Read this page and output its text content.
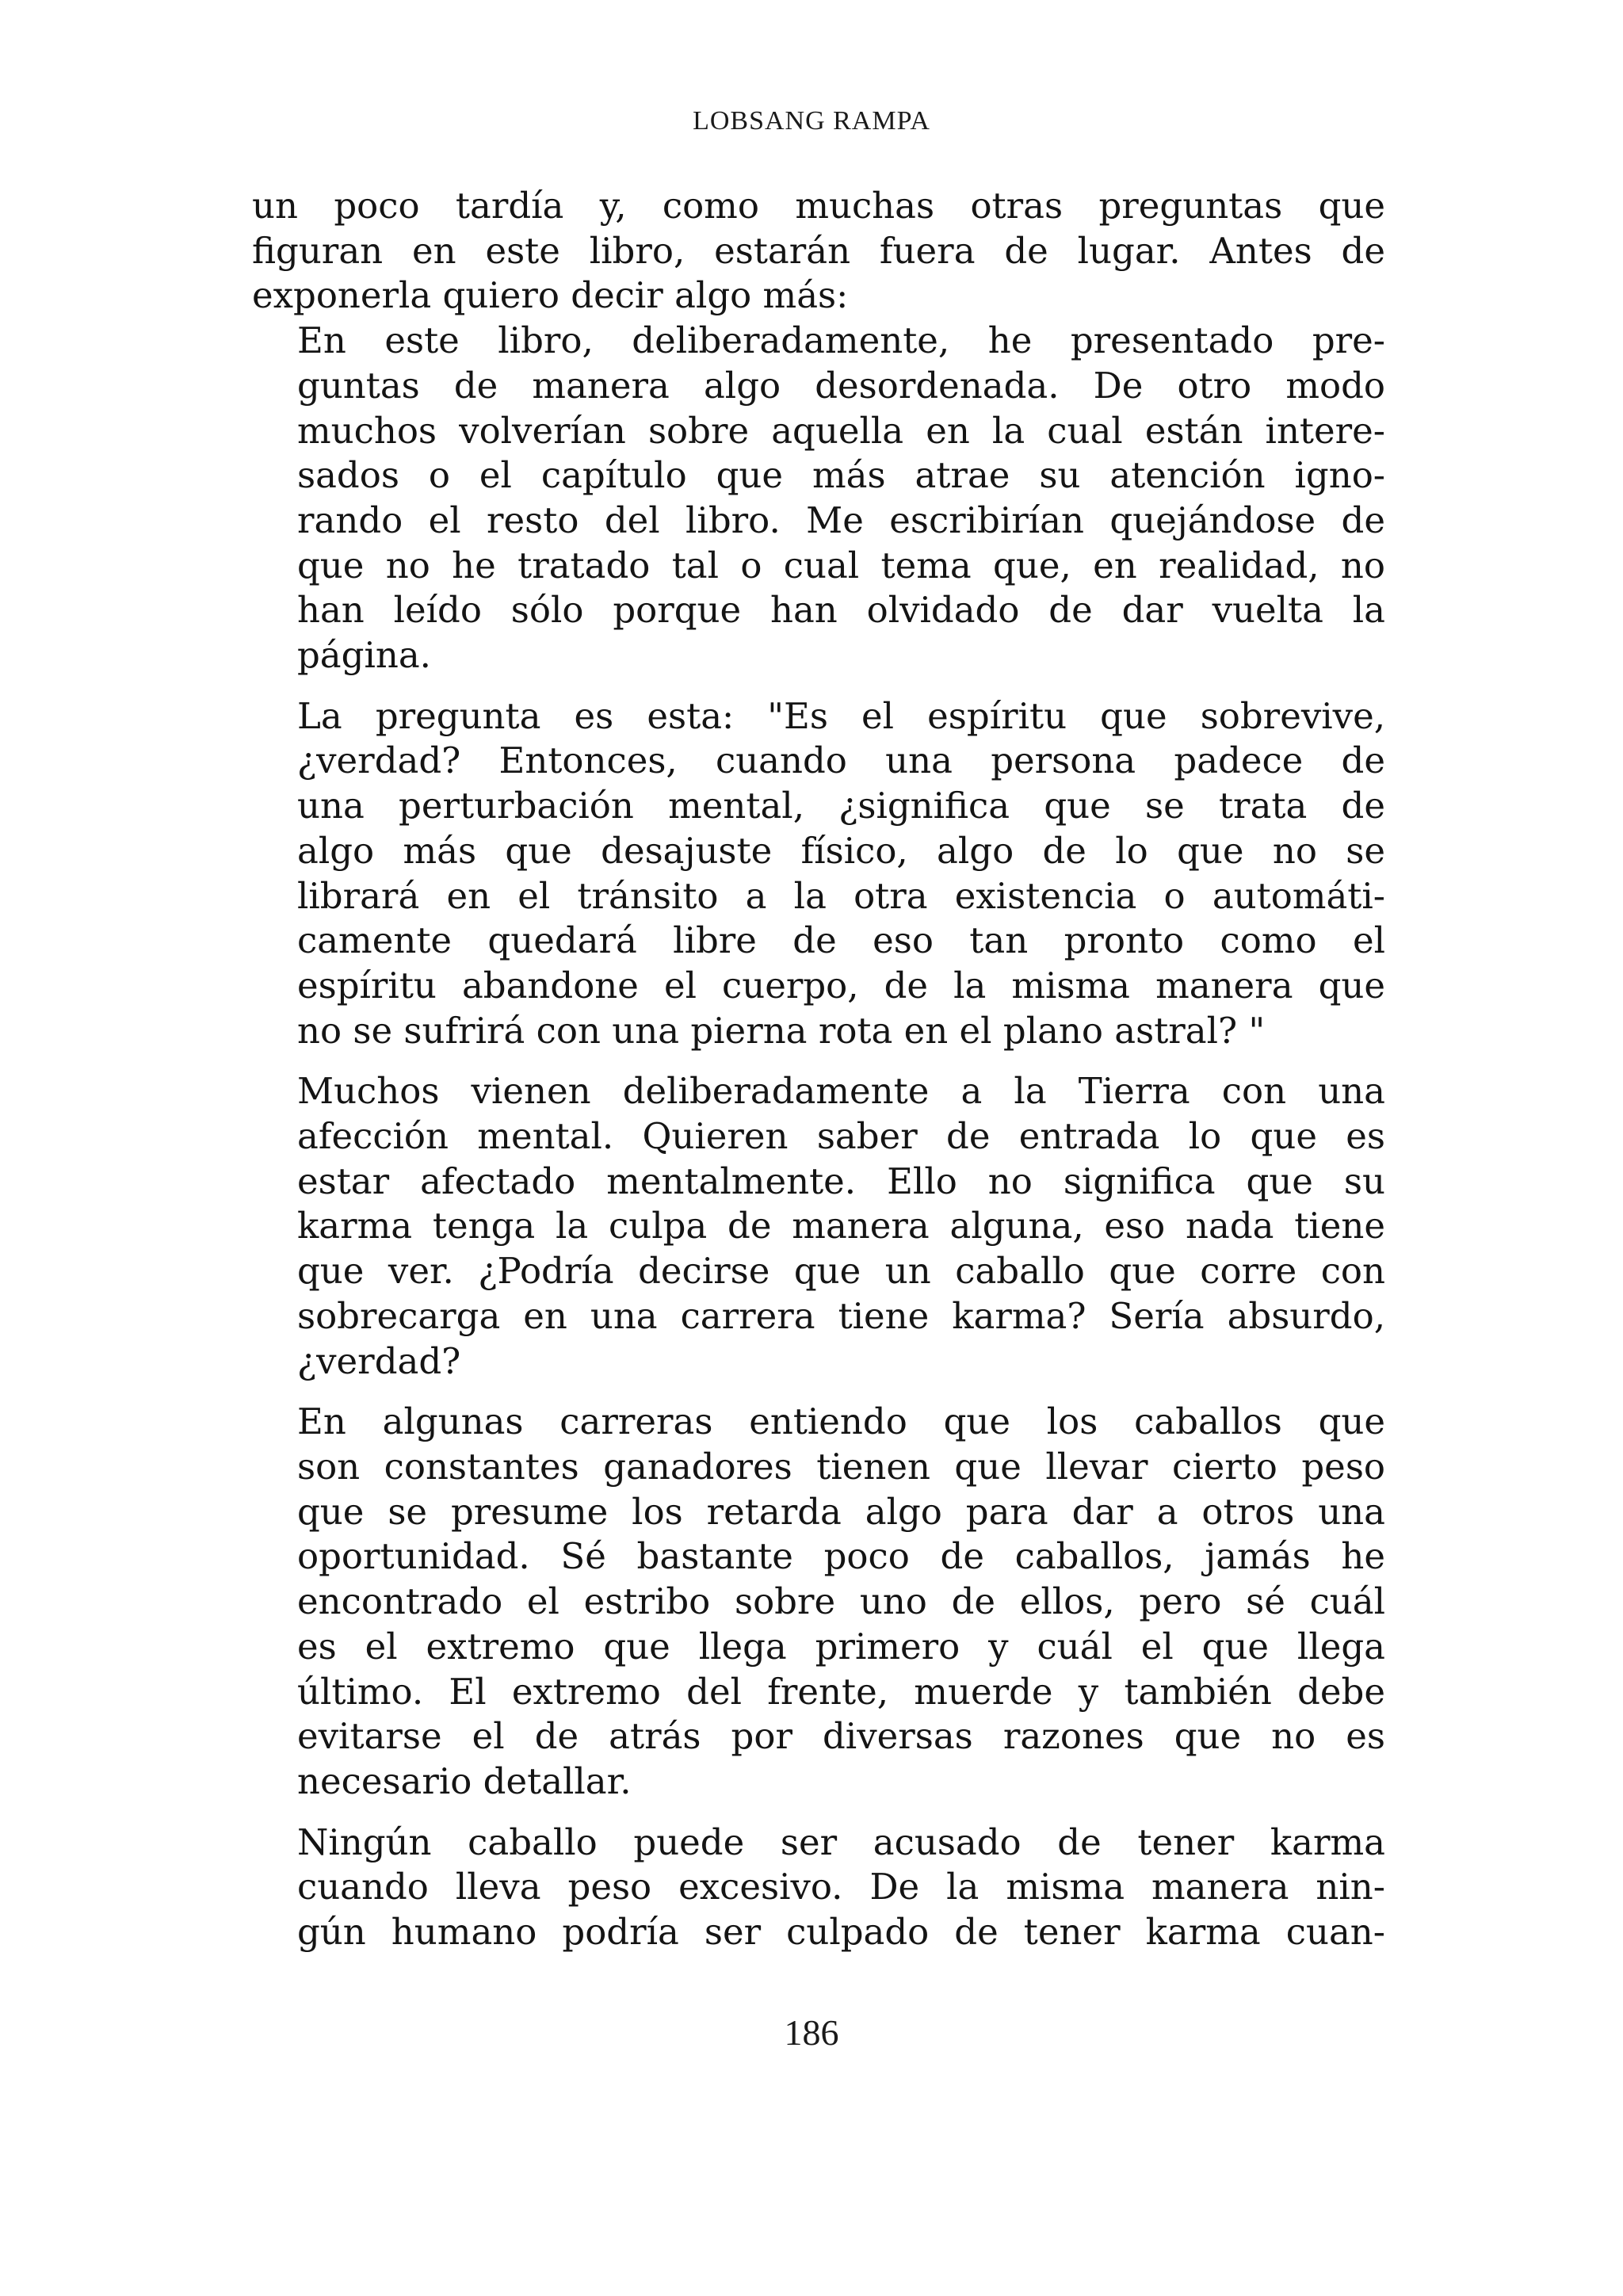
LOBSANG RAMPA

un poco tardía y, como muchas otras preguntas que
figuran en este libro, estarán fuera de lugar. Antes de
exponerla quiero decir algo más:

En este libro, deliberadamente, he presentado pre-
guntas de manera algo desordenada. De otro modo
muchos volverían sobre aquella en la cual están intere-
sados o el capítulo que más atrae su atención igno-
rando el resto del libro. Me escribirían quejándose de
que no he tratado tal o cual tema que, en realidad, no
han leído sólo porque han olvidado de dar vuelta la
página.

La pregunta es esta: "Es el espíritu que sobrevive,
¿verdad? Entonces, cuando una persona padece de
una perturbación mental, ¿significa que se trata de
algo más que desajuste físico, algo de lo que no se
librará en el tránsito a la otra existencia o automáti-
camente quedará libre de eso tan pronto como el
espíritu abandone el cuerpo, de la misma manera que
no se sufrirá con una pierna rota en el plano astral? "

Muchos vienen deliberadamente a la Tierra con una
afección mental. Quieren saber de entrada lo que es
estar afectado mentalmente. Ello no significa que su
karma tenga la culpa de manera alguna, eso nada tiene
que ver. ¿Podría decirse que un caballo que corre con
sobrecarga en una carrera tiene karma? Sería absurdo,
¿verdad?

En algunas carreras entiendo que los caballos que
son constantes ganadores tienen que llevar cierto peso
que se presume los retarda algo para dar a otros una
oportunidad. Sé bastante poco de caballos, jamás he
encontrado el estribo sobre uno de ellos, pero sé cuál
es el extremo que llega primero y cuál el que llega
último. El extremo del frente, muerde y también debe
evitarse el de atrás por diversas razones que no es
necesario detallar.

Ningún caballo puede ser acusado de tener karma
cuando lleva peso excesivo. De la misma manera nin-
gún humano podría ser culpado de tener karma cuan-

186
